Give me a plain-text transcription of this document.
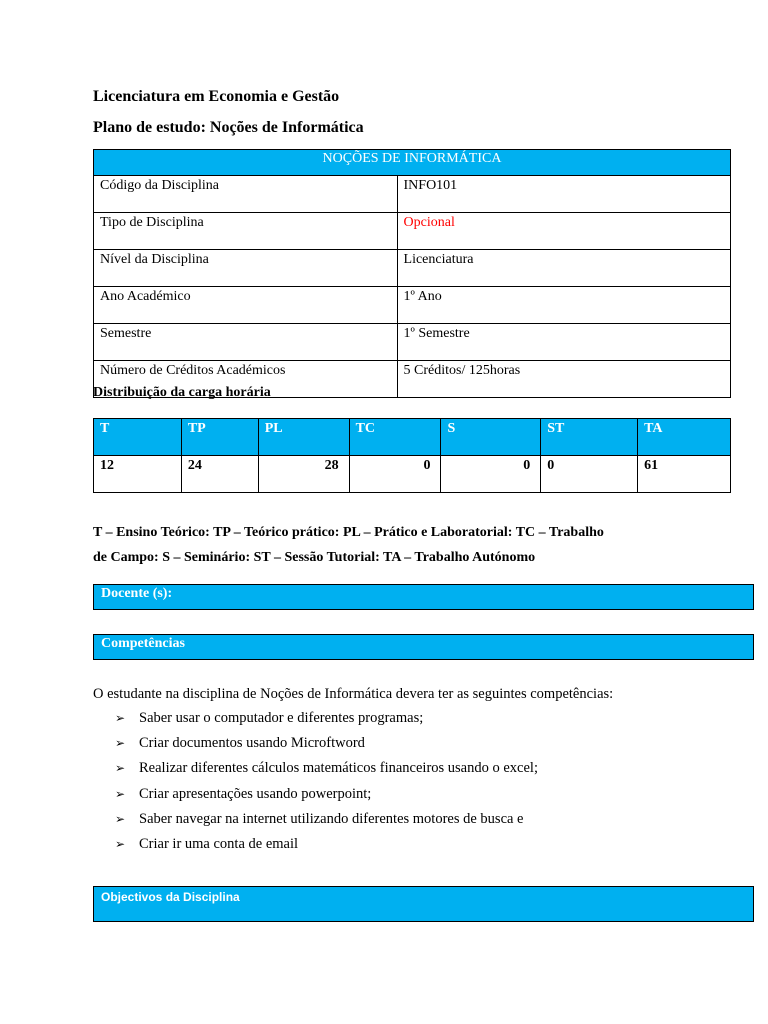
Licenciatura em Economia e Gestão
Plano de estudo: Noções de Informática
NOÇÕES DE INFORMÁTICA	
Código da Disciplina	INFO101
Tipo de Disciplina	Opcional
Nível da Disciplina	Licenciatura
Ano Académico	1º Ano
Semestre	1º Semestre
Número de Créditos Académicos	5 Créditos/ 125horas
Distribuição da carga horária
T	TP	PL	TC	S	ST	TA
12	24	28	0	0	0	61
T – Ensino Teórico: TP – Teórico prático: PL – Prático e Laboratorial: TC – Trabalho
de Campo: S – Seminário: ST – Sessão Tutorial: TA – Trabalho Autónomo
Docente (s):
Competências
O estudante na disciplina de Noções de Informática devera ter as seguintes competências:
➢ Saber usar o computador e diferentes programas;
➢ Criar documentos usando Microftword
➢ Realizar diferentes cálculos matemáticos financeiros usando o excel;
➢ Criar apresentações usando powerpoint;
➢ Saber navegar na internet utilizando diferentes motores de busca e
➢ Criar ir uma conta de email
Objectivos da Disciplina
